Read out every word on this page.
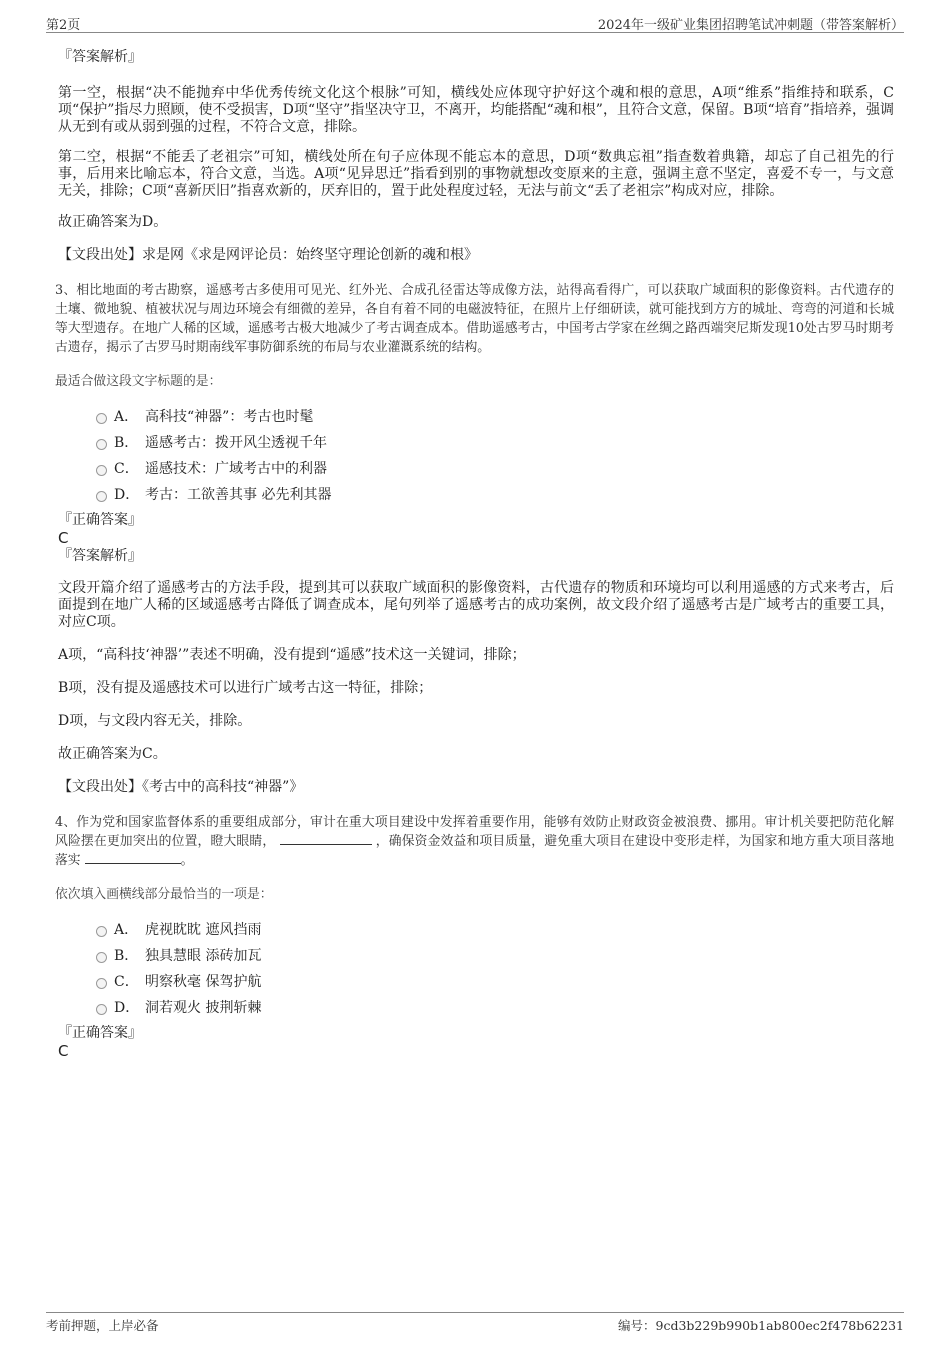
第2页	2024年一级矿业集团招聘笔试冲刺题（带答案解析）

『答案解析』

第一空，根据“决不能抛弃中华优秀传统文化这个根脉”可知，横线处应体现守护好这个魂和根的意思，A项“维系”指维持和联系，C项“保护”指尽力照顾，使不受损害，D项“坚守”指坚决守卫，不离开，均能搭配“魂和根”，且符合文意，保留。B项“培育”指培养，强调从无到有或从弱到强的过程，不符合文意，排除。

第二空，根据“不能丢了老祖宗”可知，横线处所在句子应体现不能忘本的意思，D项“数典忘祖”指查数着典籍，却忘了自己祖先的行事，后用来比喻忘本，符合文意，当选。A项“见异思迁”指看到别的事物就想改变原来的主意，强调主意不坚定，喜爱不专一，与文意无关，排除；C项“喜新厌旧”指喜欢新的，厌弃旧的，置于此处程度过轻，无法与前文“丢了老祖宗”构成对应，排除。

故正确答案为D。

【文段出处】求是网《求是网评论员：始终坚守理论创新的魂和根》

3、相比地面的考古勘察，遥感考古多使用可见光、红外光、合成孔径雷达等成像方法，站得高看得广，可以获取广域面积的影像资料。古代遗存的土壤、微地貌、植被状况与周边环境会有细微的差异，各自有着不同的电磁波特征，在照片上仔细研读，就可能找到方方的城址、弯弯的河道和长城等大型遗存。在地广人稀的区域，遥感考古极大地减少了考古调查成本。借助遥感考古，中国考古学家在丝绸之路西端突尼斯发现10处古罗马时期考古遗存，揭示了古罗马时期南线军事防御系统的布局与农业灌溉系统的结构。

最适合做这段文字标题的是：

A． 高科技“神器”：考古也时髦
B． 遥感考古：拨开风尘透视千年
C． 遥感技术：广域考古中的利器
D． 考古：工欲善其事 必先利其器

『正确答案』

C

『答案解析』

文段开篇介绍了遥感考古的方法手段，提到其可以获取广域面积的影像资料，古代遗存的物质和环境均可以利用遥感的方式来考古，后面提到在地广人稀的区域遥感考古降低了调查成本，尾句列举了遥感考古的成功案例，故文段介绍了遥感考古是广域考古的重要工具，对应C项。

A项，“高科技‘神器’”表述不明确，没有提到“遥感”技术这一关键词，排除；

B项，没有提及遥感技术可以进行广域考古这一特征，排除；

D项，与文段内容无关，排除。

故正确答案为C。

【文段出处】《考古中的高科技“神器”》

4、作为党和国家监督体系的重要组成部分，审计在重大项目建设中发挥着重要作用，能够有效防止财政资金被浪费、挪用。审计机关要把防范化解风险摆在更加突出的位置，瞪大眼睛，	，确保资金效益和项目质量，避免重大项目在建设中变形走样，为国家和地方重大项目落地落实	。

依次填入画横线部分最恰当的一项是：

A． 虎视眈眈 遮风挡雨
B． 独具慧眼 添砖加瓦
C． 明察秋毫 保驾护航
D． 洞若观火 披荆斩棘

『正确答案』

C

考前押题，上岸必备	编号：9cd3b229b990b1ab800ec2f478b62231
